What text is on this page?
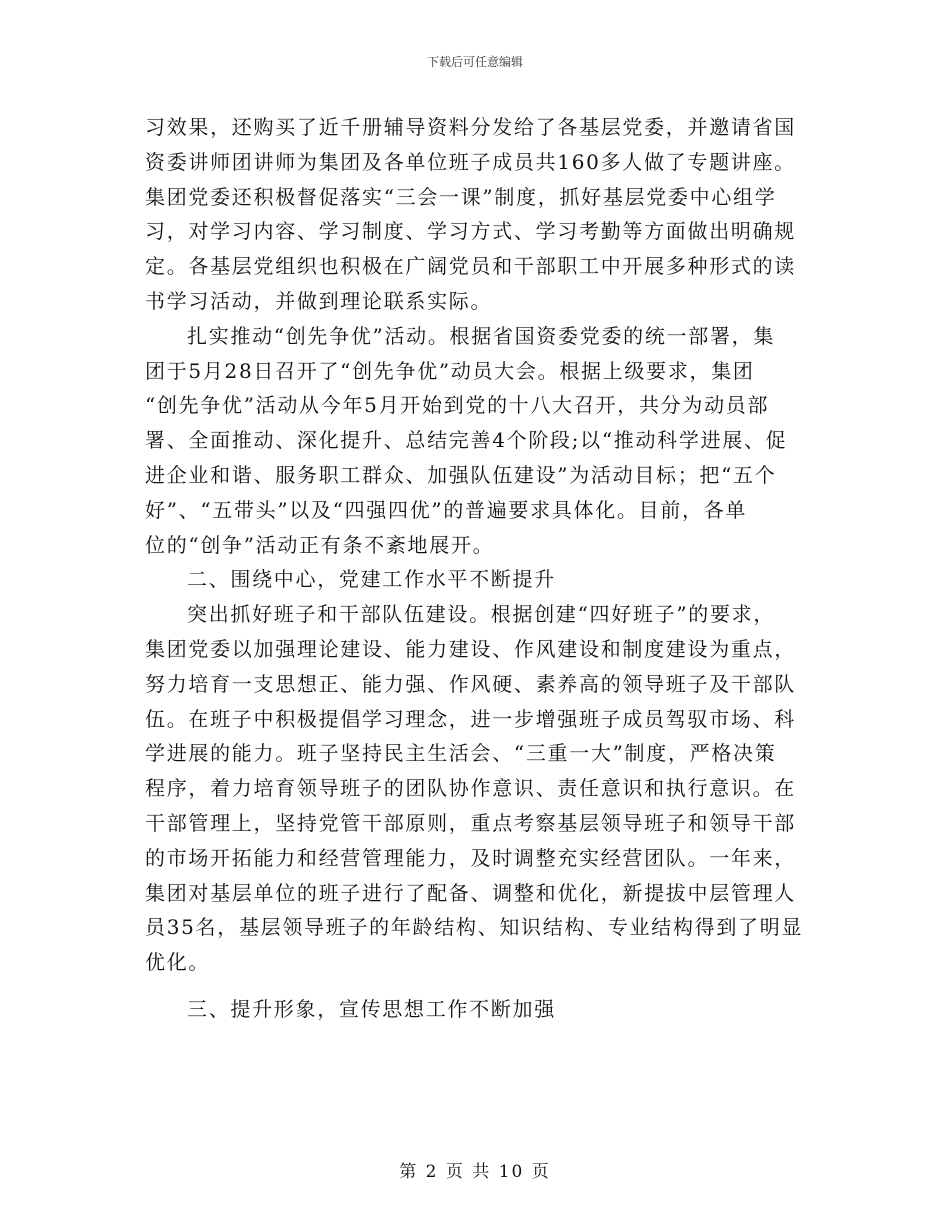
下载后可任意编辑
习效果，还购买了近千册辅导资料分发给了各基层党委，并邀请省国
资委讲师团讲师为集团及各单位班子成员共160多人做了专题讲座。
集团党委还积极督促落实“三会一课”制度，抓好基层党委中心组学
习，对学习内容、学习制度、学习方式、学习考勤等方面做出明确规
定。各基层党组织也积极在广阔党员和干部职工中开展多种形式的读
书学习活动，并做到理论联系实际。
扎实推动“创先争优”活动。根据省国资委党委的统一部署，集
团于5月28日召开了“创先争优”动员大会。根据上级要求，集团
“创先争优”活动从今年5月开始到党的十八大召开，共分为动员部
署、全面推动、深化提升、总结完善4个阶段;以“推动科学进展、促
进企业和谐、服务职工群众、加强队伍建设”为活动目标；把“五个
好”、“五带头”以及“四强四优”的普遍要求具体化。目前，各单
位的“创争”活动正有条不紊地展开。
二、围绕中心，党建工作水平不断提升
突出抓好班子和干部队伍建设。根据创建“四好班子”的要求，
集团党委以加强理论建设、能力建设、作风建设和制度建设为重点，
努力培育一支思想正、能力强、作风硬、素养高的领导班子及干部队
伍。在班子中积极提倡学习理念，进一步增强班子成员驾驭市场、科
学进展的能力。班子坚持民主生活会、“三重一大”制度，严格决策
程序，着力培育领导班子的团队协作意识、责任意识和执行意识。在
干部管理上，坚持党管干部原则，重点考察基层领导班子和领导干部
的市场开拓能力和经营管理能力，及时调整充实经营团队。一年来，
集团对基层单位的班子进行了配备、调整和优化，新提拔中层管理人
员35名，基层领导班子的年龄结构、知识结构、专业结构得到了明显
优化。
三、提升形象，宣传思想工作不断加强
第 2 页 共 10 页
